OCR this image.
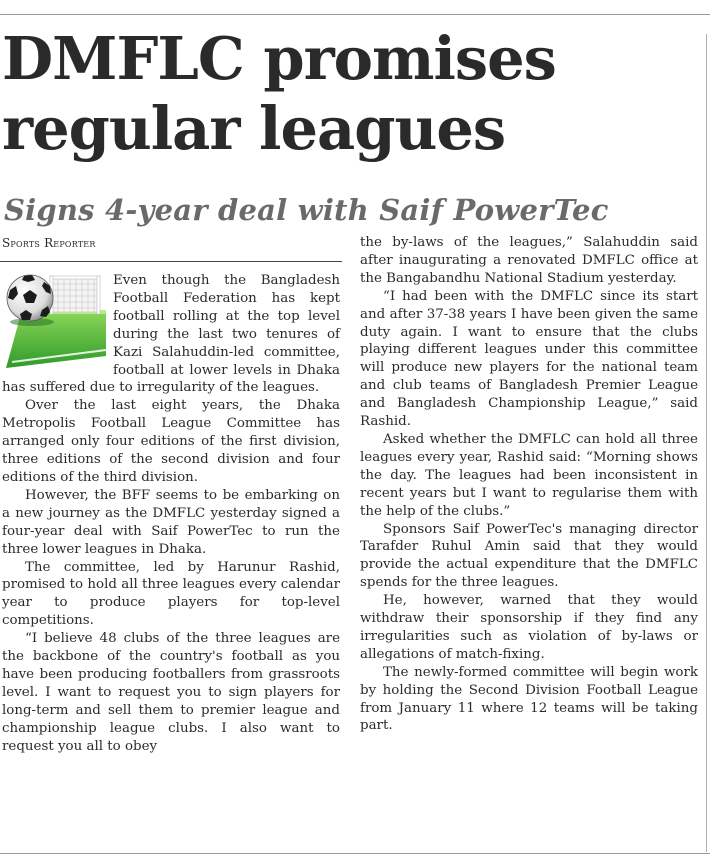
DMFLC promises regular leagues
Signs 4-year deal with Saif PowerTec
Sports Reporter

Even though the Bangladesh Football Federation has kept football rolling at the top level during the last two tenures of Kazi Salahuddin-led committee, football at lower levels in Dhaka has suffered due to irregularity of the leagues.

Over the last eight years, the Dhaka Metropolis Football League Committee has arranged only four editions of the first division, three editions of the second division and four editions of the third division.

However, the BFF seems to be embarking on a new journey as the DMFLC yesterday signed a four-year deal with Saif PowerTec to run the three lower leagues in Dhaka.

The committee, led by Harunur Rashid, promised to hold all three leagues every calendar year to produce players for top-level competitions.

“I believe 48 clubs of the three leagues are the backbone of the country's football as you have been producing footballers from grassroots level. I want to request you to sign players for long-term and sell them to premier league and championship league clubs. I also want to request you all to obey

the by-laws of the leagues,” Salahuddin said after inaugurating a renovated DMFLC office at the Bangabandhu National Stadium yesterday.

“I had been with the DMFLC since its start and after 37-38 years I have been given the same duty again. I want to ensure that the clubs playing different leagues under this committee will produce new players for the national team and club teams of Bangladesh Premier League and Bangladesh Championship League,” said Rashid.

Asked whether the DMFLC can hold all three leagues every year, Rashid said: “Morning shows the day. The leagues had been inconsistent in recent years but I want to regularise them with the help of the clubs.”

Sponsors Saif PowerTec's managing director Tarafder Ruhul Amin said that they would provide the actual expenditure that the DMFLC spends for the three leagues.

He, however, warned that they would withdraw their sponsorship if they find any irregularities such as violation of by-laws or allegations of match-fixing.

The newly-formed committee will begin work by holding the Second Division Football League from January 11 where 12 teams will be taking part.
